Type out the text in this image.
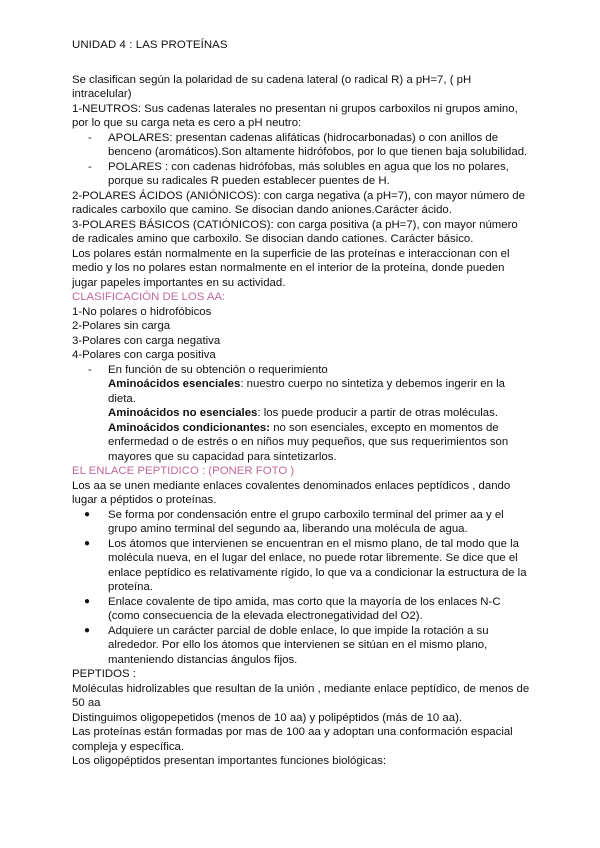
UNIDAD 4 : LAS PROTEÍNAS

Se clasifican según la polaridad de su cadena lateral (o radical R) a pH=7, ( pH intracelular)

1-NEUTROS: Sus cadenas laterales no presentan ni grupos carboxilos ni grupos amino, por lo que su carga neta es cero a pH neutro:

-	APOLARES: presentan cadenas alifáticas (hidrocarbonadas) o con anillos de benceno (aromáticos).Son altamente hidrófobos, por lo que tienen baja solubilidad.
-	POLARES : con cadenas hidrófobas, más solubles en agua que los no polares, porque su radicales R pueden establecer puentes de H.

2-POLARES ÁCIDOS (ANIÓNICOS): con carga negativa (a pH=7), con mayor número de radicales carboxilo que camino. Se disocian dando aniones.Carácter ácido.

3-POLARES BÁSICOS (CATIÓNICOS): con carga positiva (a pH=7), con mayor número de radicales amino que carboxilo. Se disocian dando cationes. Carácter básico.

Los polares están normalmente en la superficie de las proteínas e interaccionan con el medio y los no polares estan normalmente en el interior de la proteína, donde pueden jugar papeles importantes en su actividad.

CLASIFICACIÓN DE LOS AA:

1-No polares o hidrofóbicos

2-Polares sin carga

3-Polares con carga negativa

4-Polares con carga positiva

-	En función de su obtención o requerimiento

Aminoácidos esenciales: nuestro cuerpo no sintetiza y debemos ingerir en la dieta.

Aminoácidos no esenciales: los puede producir a partir de otras moléculas.

Aminoácidos condicionantes: no son esenciales, excepto en momentos de enfermedad o de estrés o en niños muy pequeños, que sus requerimientos son mayores que su capacidad para sintetizarlos.

EL ENLACE PEPTIDICO : (PONER FOTO )

Los aa se unen mediante enlaces covalentes denominados enlaces peptídicos , dando lugar a péptidos o proteínas.

●	Se forma por condensación entre el grupo carboxilo terminal del primer aa y el grupo amino terminal del segundo aa, liberando una molécula de agua.
●	Los átomos que intervienen se encuentran en el mismo plano, de tal modo que la molécula nueva, en el lugar del enlace, no puede rotar libremente. Se dice que el enlace peptídico es relativamente rígido, lo que va a condicionar la estructura de la proteína.
●	Enlace covalente de tipo amida, mas corto que la mayoría de los enlaces N-C (como consecuencia de la elevada electronegatividad del O2).
●	Adquiere un carácter parcial de doble enlace, lo que impide la rotación a su alrededor. Por ello los átomos que intervienen se sitúan en el mismo plano, manteniendo distancias ángulos fijos.

PEPTIDOS :

Moléculas hidrolizables que resultan de la unión , mediante enlace peptídico, de menos de 50 aa

Distinguimos oligopepetidos (menos de 10 aa) y polipéptidos (más de 10 aa).

Las proteínas están formadas por mas de 100 aa y adoptan una conformación espacial compleja y específica.

Los oligopéptidos presentan importantes funciones biológicas:
